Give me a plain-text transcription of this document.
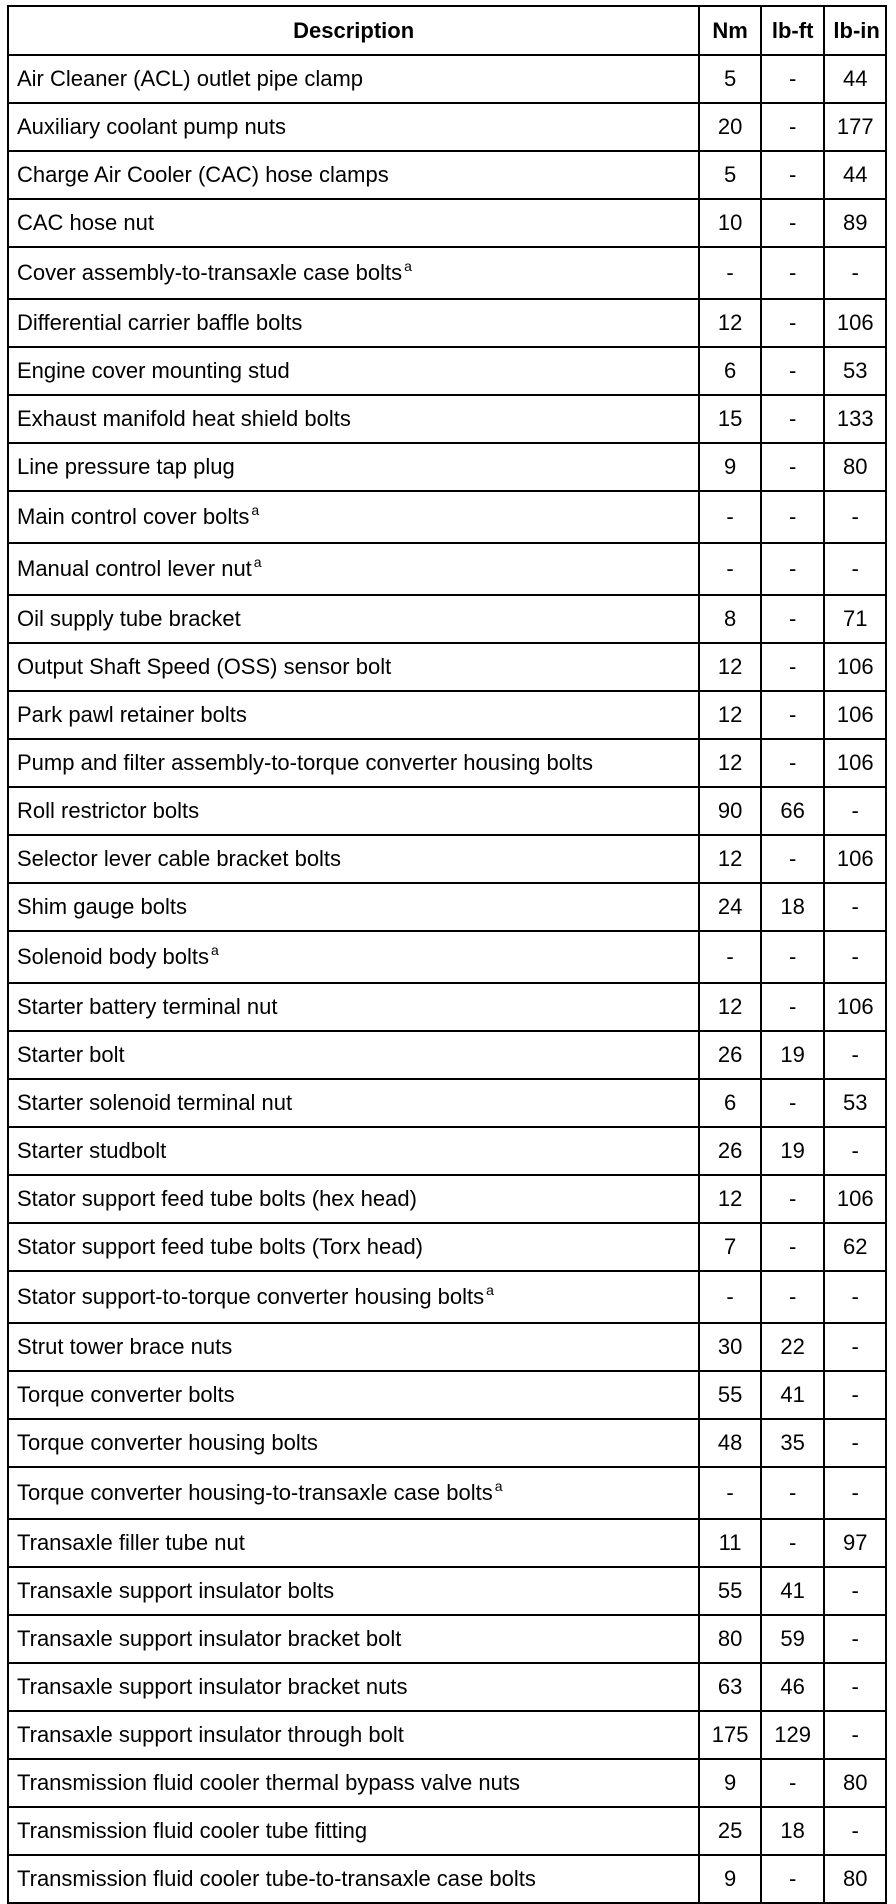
Description	Nm	lb-ft	lb-in
Air Cleaner (ACL) outlet pipe clamp	5	-	44
Auxiliary coolant pump nuts	20	-	177
Charge Air Cooler (CAC) hose clamps	5	-	44
CAC hose nut	10	-	89
Cover assembly-to-transaxle case bolts $^a$	-	-	-
Differential carrier baffle bolts	12	-	106
Engine cover mounting stud	6	-	53
Exhaust manifold heat shield bolts	15	-	133
Line pressure tap plug	9	-	80
Main control cover bolts $^a$	-	-	-
Manual control lever nut $^a$	-	-	-
Oil supply tube bracket	8	-	71
Output Shaft Speed (OSS) sensor bolt	12	-	106
Park pawl retainer bolts	12	-	106
Pump and filter assembly-to-torque converter housing bolts	12	-	106
Roll restrictor bolts	90	66	-
Selector lever cable bracket bolts	12	-	106
Shim gauge bolts	24	18	-
Solenoid body bolts $^a$	-	-	-
Starter battery terminal nut	12	-	106
Starter bolt	26	19	-
Starter solenoid terminal nut	6	-	53
Starter studbolt	26	19	-
Stator support feed tube bolts (hex head)	12	-	106
Stator support feed tube bolts (Torx head)	7	-	62
Stator support-to-torque converter housing bolts $^a$	-	-	-
Strut tower brace nuts	30	22	-
Torque converter bolts	55	41	-
Torque converter housing bolts	48	35	-
Torque converter housing-to-transaxle case bolts $^a$	-	-	-
Transaxle filler tube nut	11	-	97
Transaxle support insulator bolts	55	41	-
Transaxle support insulator bracket bolt	80	59	-
Transaxle support insulator bracket nuts	63	46	-
Transaxle support insulator through bolt	175	129	-
Transmission fluid cooler thermal bypass valve nuts	9	-	80
Transmission fluid cooler tube fitting	25	18	-
Transmission fluid cooler tube-to-transaxle case bolts	9	-	80
